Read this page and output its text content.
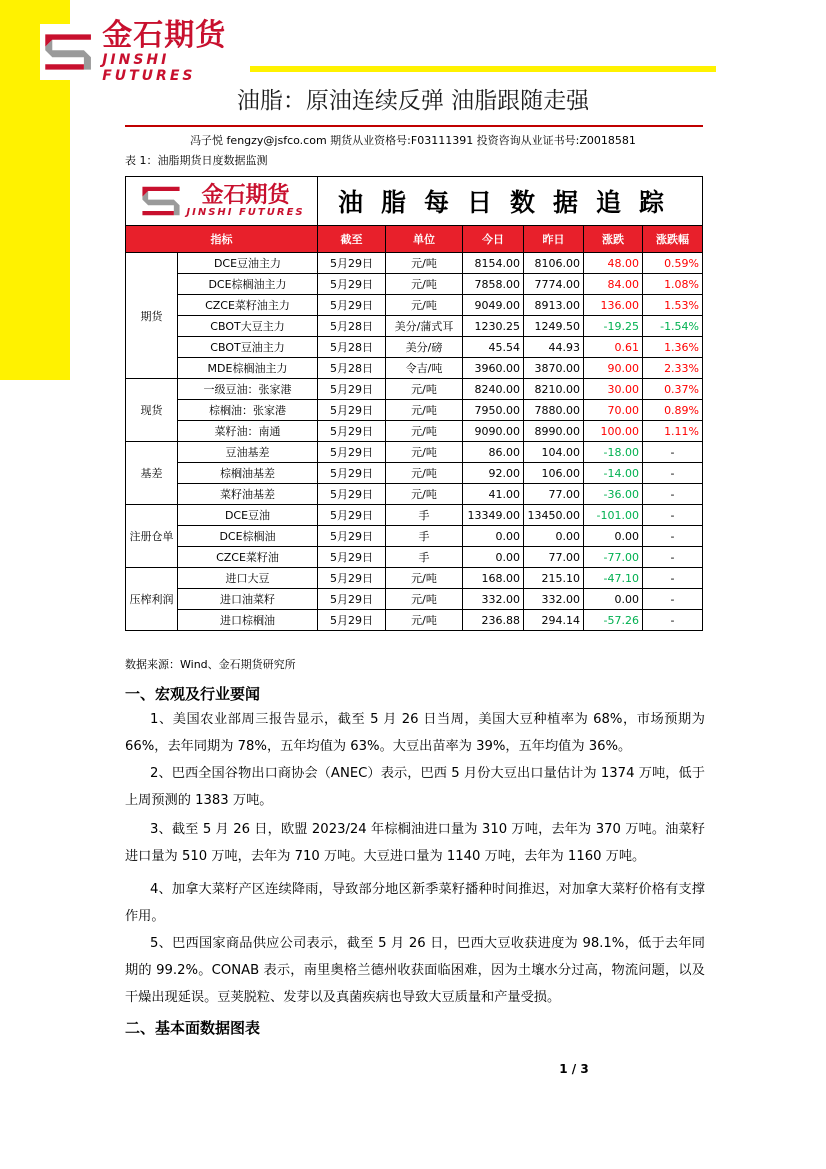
金石期货
JINSHI FUTURES
油脂：原油连续反弹 油脂跟随走强
冯子悦 fengzy@jsfco.com 期货从业资格号:F03111391 投资咨询从业证书号:Z0018581
表 1：油脂期货日度数据监测
金石期货
JINSHI FUTURES		油脂每日数据追踪					
指标		截至	单位	今日	昨日	涨跌	涨跌幅
期货	DCE豆油主力	5月29日	元/吨	8154.00	8106.00	48.00	0.59%
	DCE棕榈油主力	5月29日	元/吨	7858.00	7774.00	84.00	1.08%
	CZCE菜籽油主力	5月29日	元/吨	9049.00	8913.00	136.00	1.53%
	CBOT大豆主力	5月28日	美分/蒲式耳	1230.25	1249.50	-19.25	-1.54%
	CBOT豆油主力	5月28日	美分/磅	45.54	44.93	0.61	1.36%
	MDE棕榈油主力	5月28日	令吉/吨	3960.00	3870.00	90.00	2.33%
现货	一级豆油：张家港	5月29日	元/吨	8240.00	8210.00	30.00	0.37%
	棕榈油：张家港	5月29日	元/吨	7950.00	7880.00	70.00	0.89%
	菜籽油：南通	5月29日	元/吨	9090.00	8990.00	100.00	1.11%
基差	豆油基差	5月29日	元/吨	86.00	104.00	-18.00	-
	棕榈油基差	5月29日	元/吨	92.00	106.00	-14.00	-
	菜籽油基差	5月29日	元/吨	41.00	77.00	-36.00	-
注册仓单	DCE豆油	5月29日	手	13349.00	13450.00	-101.00	-
	DCE棕榈油	5月29日	手	0.00	0.00	0.00	-
	CZCE菜籽油	5月29日	手	0.00	77.00	-77.00	-
压榨利润	进口大豆	5月29日	元/吨	168.00	215.10	-47.10	-
	进口油菜籽	5月29日	元/吨	332.00	332.00	0.00	-
	进口棕榈油	5月29日	元/吨	236.88	294.14	-57.26	-
数据来源：Wind、金石期货研究所
一、宏观及行业要闻
1、美国农业部周三报告显示，截至 5 月 26 日当周，美国大豆种植率为 68%，市场预期为 66%，去年同期为 78%，五年均值为 63%。大豆出苗率为 39%，五年均值为 36%。
2、巴西全国谷物出口商协会（ANEC）表示，巴西 5 月份大豆出口量估计为 1374 万吨，低于上周预测的 1383 万吨。
3、截至 5 月 26 日，欧盟 2023/24 年棕榈油进口量为 310 万吨，去年为 370 万吨。油菜籽进口量为 510 万吨，去年为 710 万吨。大豆进口量为 1140 万吨，去年为 1160 万吨。
4、加拿大菜籽产区连续降雨，导致部分地区新季菜籽播种时间推迟，对加拿大菜籽价格有支撑作用。
5、巴西国家商品供应公司表示，截至 5 月 26 日，巴西大豆收获进度为 98.1%，低于去年同期的 99.2%。CONAB 表示，南里奥格兰德州收获面临困难，因为土壤水分过高，物流问题，以及干燥出现延误。豆荚脱粒、发芽以及真菌疾病也导致大豆质量和产量受损。
二、基本面数据图表
1 / 3
